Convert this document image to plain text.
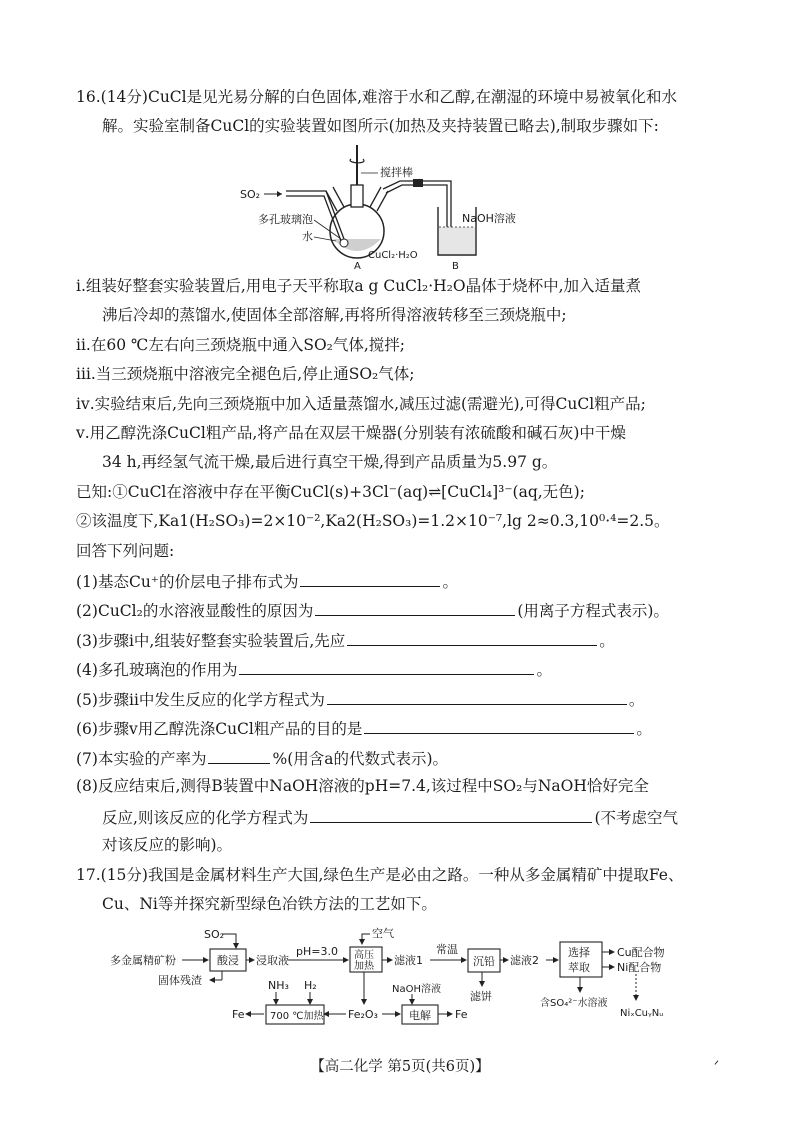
16.(14分)CuCl是见光易分解的白色固体,难溶于水和乙醇,在潮湿的环境中易被氧化和水
解。实验室制备CuCl的实验装置如图所示(加热及夹持装置已略去),制取步骤如下:
搅拌棒
SO₂
NaOH溶液
多孔玻璃泡
水
CuCl₂·H₂O
A	B
ⅰ.组装好整套实验装置后,用电子天平称取a g CuCl₂·H₂O晶体于烧杯中,加入适量煮
沸后冷却的蒸馏水,使固体全部溶解,再将所得溶液转移至三颈烧瓶中;
ⅱ.在60 ℃左右向三颈烧瓶中通入SO₂气体,搅拌;
ⅲ.当三颈烧瓶中溶液完全褪色后,停止通SO₂气体;
ⅳ.实验结束后,先向三颈烧瓶中加入适量蒸馏水,减压过滤(需避光),可得CuCl粗产品;
ⅴ.用乙醇洗涤CuCl粗产品,将产品在双层干燥器(分别装有浓硫酸和碱石灰)中干燥
34 h,再经氢气流干燥,最后进行真空干燥,得到产品质量为5.97 g。
已知:①CuCl在溶液中存在平衡CuCl(s)+3Cl⁻(aq)⇌[CuCl₄]³⁻(aq,无色);
②该温度下,Ka1(H₂SO₃)=2×10⁻²,Ka2(H₂SO₃)=1.2×10⁻⁷,lg 2≈0.3,10⁰·⁴=2.5。
回答下列问题:
(1)基态Cu⁺的价层电子排布式为	。
(2)CuCl₂的水溶液显酸性的原因为	(用离子方程式表示)。
(3)步骤ⅰ中,组装好整套实验装置后,先应	。
(4)多孔玻璃泡的作用为	。
(5)步骤ⅱ中发生反应的化学方程式为	。
(6)步骤ⅴ用乙醇洗涤CuCl粗产品的目的是	。
(7)本实验的产率为	%(用含a的代数式表示)。
(8)反应结束后,测得B装置中NaOH溶液的pH=7.4,该过程中SO₂与NaOH恰好完全
反应,则该反应的化学方程式为	(不考虑空气
对该反应的影响)。
17.(15分)我国是金属材料生产大国,绿色生产是必由之路。一种从多金属精矿中提取Fe、
Cu、Ni等并探究新型绿色冶铁方法的工艺如下。
SO₂
多金属精矿粉	酸浸
固体残渣
浸取液
pH=3.0
空气
高压
加热 滤液1
常温
沉铅 滤液2
选择
萃取
Cu配合物
Ni配合物
滤饼
含SO₄²⁻水溶液
NiₓCuᵧNᵤ
NH₃ H₂
700 ℃加热
Fe	Fe₂O₃
NaOH溶液
电解 Fe
【高二化学 第5页(共6页)】	ᐟ
